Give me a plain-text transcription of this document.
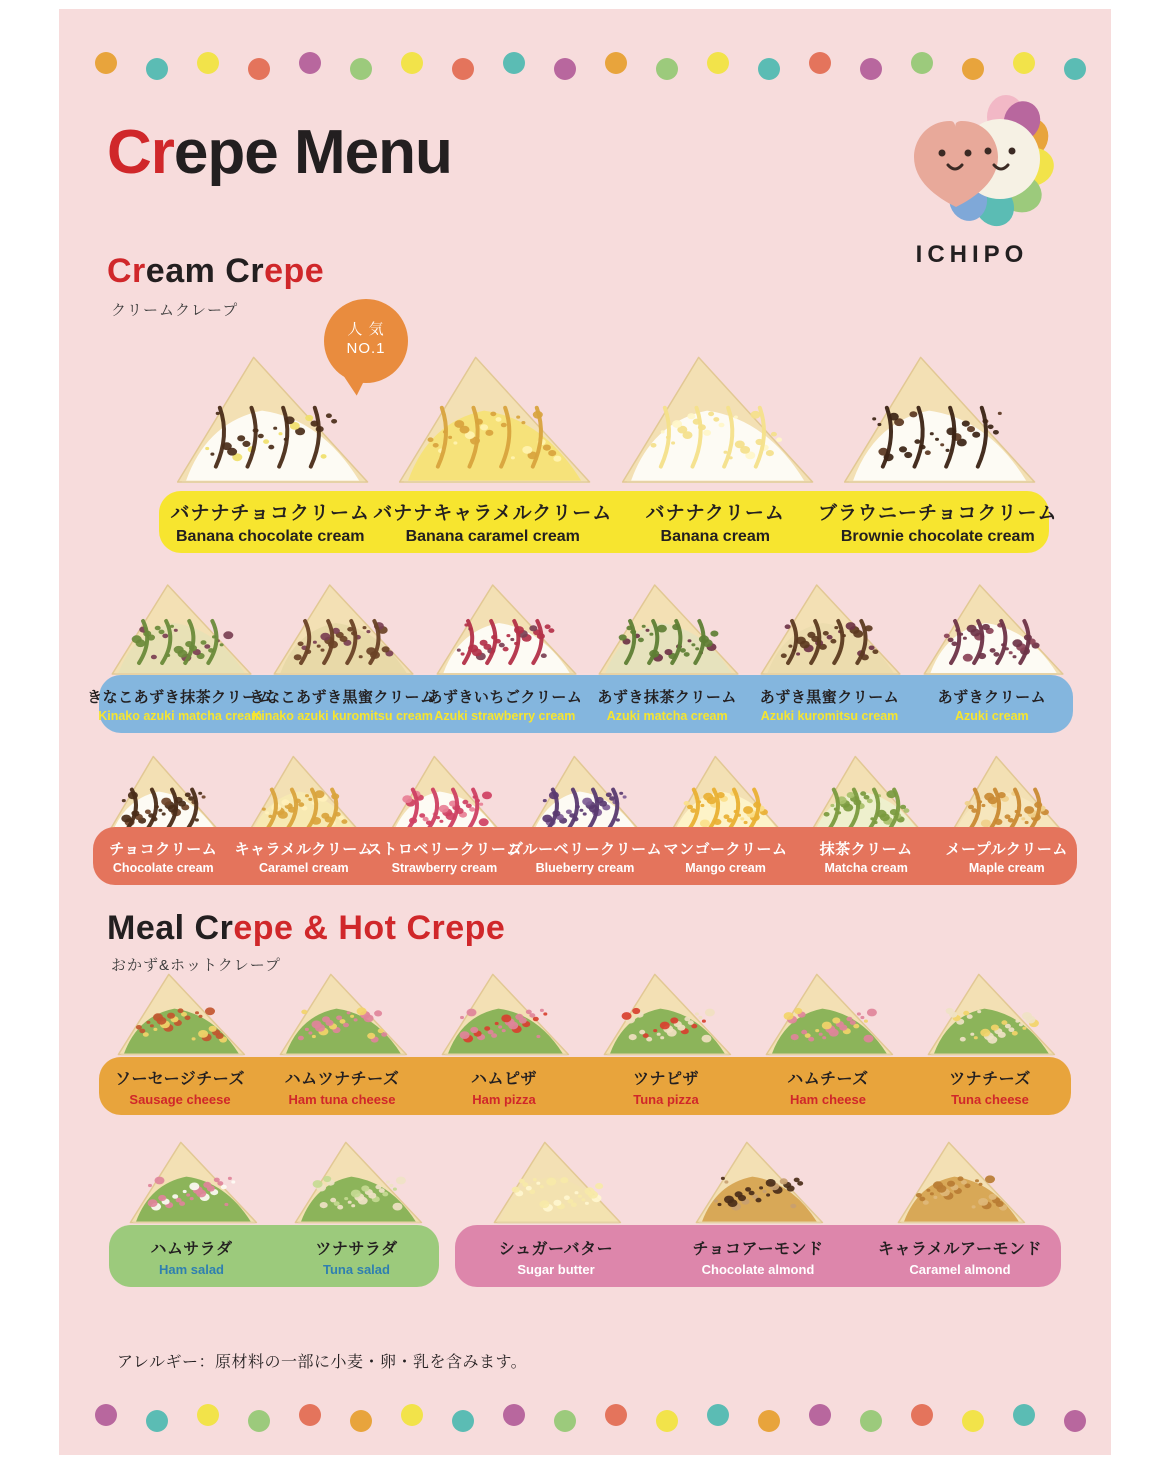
Crepe Menu
ICHIPO
Cream Crepe
クリームクレープ
人 気
NO.1
バナナチョコクリーム
Banana chocolate cream
バナナキャラメルクリーム
Banana caramel cream
バナナクリーム
Banana cream
ブラウニーチョコクリーム
Brownie chocolate cream
きなこあずき抹茶クリーム
Kinako azuki matcha cream
きなこあずき黒蜜クリーム
Kinako azuki kuromitsu cream
あずきいちごクリーム
Azuki strawberry cream
あずき抹茶クリーム
Azuki matcha cream
あずき黒蜜クリーム
Azuki kuromitsu cream
あずきクリーム
Azuki cream
チョコクリーム
Chocolate cream
キャラメルクリーム
Caramel cream
ストロベリークリーム
Strawberry cream
ブルーベリークリーム
Blueberry cream
マンゴークリーム
Mango cream
抹茶クリーム
Matcha cream
メープルクリーム
Maple cream
ソーセージチーズ
Sausage cheese
ハムツナチーズ
Ham tuna cheese
ハムピザ
Ham pizza
ツナピザ
Tuna pizza
ハムチーズ
Ham cheese
ツナチーズ
Tuna cheese
ハムサラダ
Ham salad
ツナサラダ
Tuna salad
シュガーバター
Sugar butter
チョコアーモンド
Chocolate almond
キャラメルアーモンド
Caramel almond
Meal Crepe & Hot Crepe
おかず&ホットクレープ
アレルギー：原材料の一部に小麦・卵・乳を含みます。
